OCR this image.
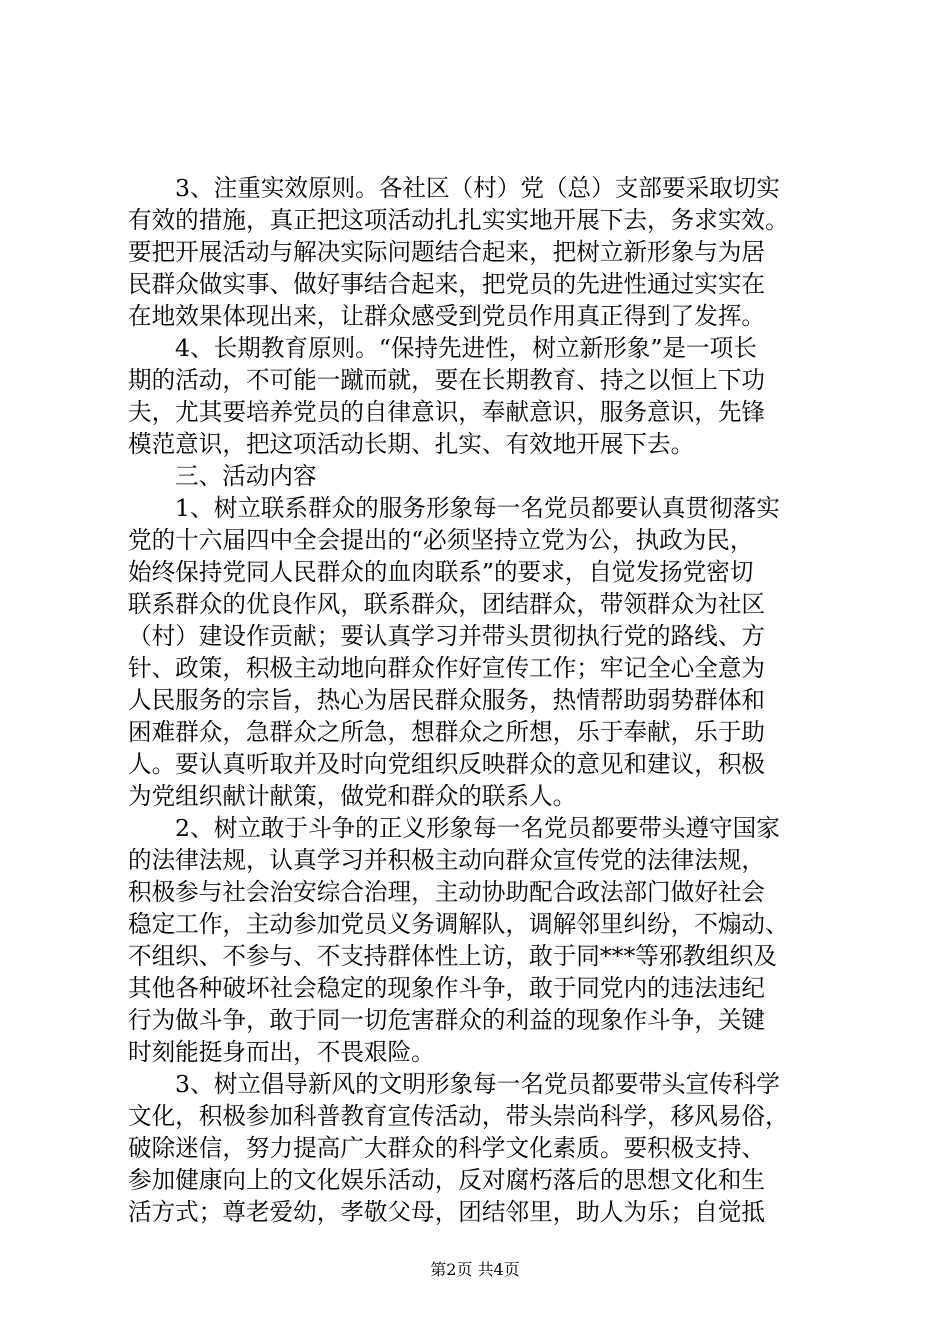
3、注重实效原则。各社区（村）党（总）支部要采取切实
有效的措施，真正把这项活动扎扎实实地开展下去，务求实效。
要把开展活动与解决实际问题结合起来，把树立新形象与为居
民群众做实事、做好事结合起来，把党员的先进性通过实实在
在地效果体现出来，让群众感受到党员作用真正得到了发挥。
4、长期教育原则。“保持先进性，树立新形象”是一项长
期的活动，不可能一蹴而就，要在长期教育、持之以恒上下功
夫，尤其要培养党员的自律意识，奉献意识，服务意识，先锋
模范意识，把这项活动长期、扎实、有效地开展下去。
三、活动内容
1、树立联系群众的服务形象每一名党员都要认真贯彻落实
党的十六届四中全会提出的“必须坚持立党为公，执政为民，
始终保持党同人民群众的血肉联系”的要求，自觉发扬党密切
联系群众的优良作风，联系群众，团结群众，带领群众为社区
（村）建设作贡献；要认真学习并带头贯彻执行党的路线、方
针、政策，积极主动地向群众作好宣传工作；牢记全心全意为
人民服务的宗旨，热心为居民群众服务，热情帮助弱势群体和
困难群众，急群众之所急，想群众之所想，乐于奉献，乐于助
人。要认真听取并及时向党组织反映群众的意见和建议，积极
为党组织献计献策，做党和群众的联系人。
2、树立敢于斗争的正义形象每一名党员都要带头遵守国家
的法律法规，认真学习并积极主动向群众宣传党的法律法规，
积极参与社会治安综合治理，主动协助配合政法部门做好社会
稳定工作，主动参加党员义务调解队，调解邻里纠纷，不煽动、
不组织、不参与、不支持群体性上访，敢于同***等邪教组织及
其他各种破坏社会稳定的现象作斗争，敢于同党内的违法违纪
行为做斗争，敢于同一切危害群众的利益的现象作斗争，关键
时刻能挺身而出，不畏艰险。
3、树立倡导新风的文明形象每一名党员都要带头宣传科学
文化，积极参加科普教育宣传活动，带头崇尚科学，移风易俗，
破除迷信，努力提高广大群众的科学文化素质。要积极支持、
参加健康向上的文化娱乐活动，反对腐朽落后的思想文化和生
活方式；尊老爱幼，孝敬父母，团结邻里，助人为乐；自觉抵
第2页 共4页
